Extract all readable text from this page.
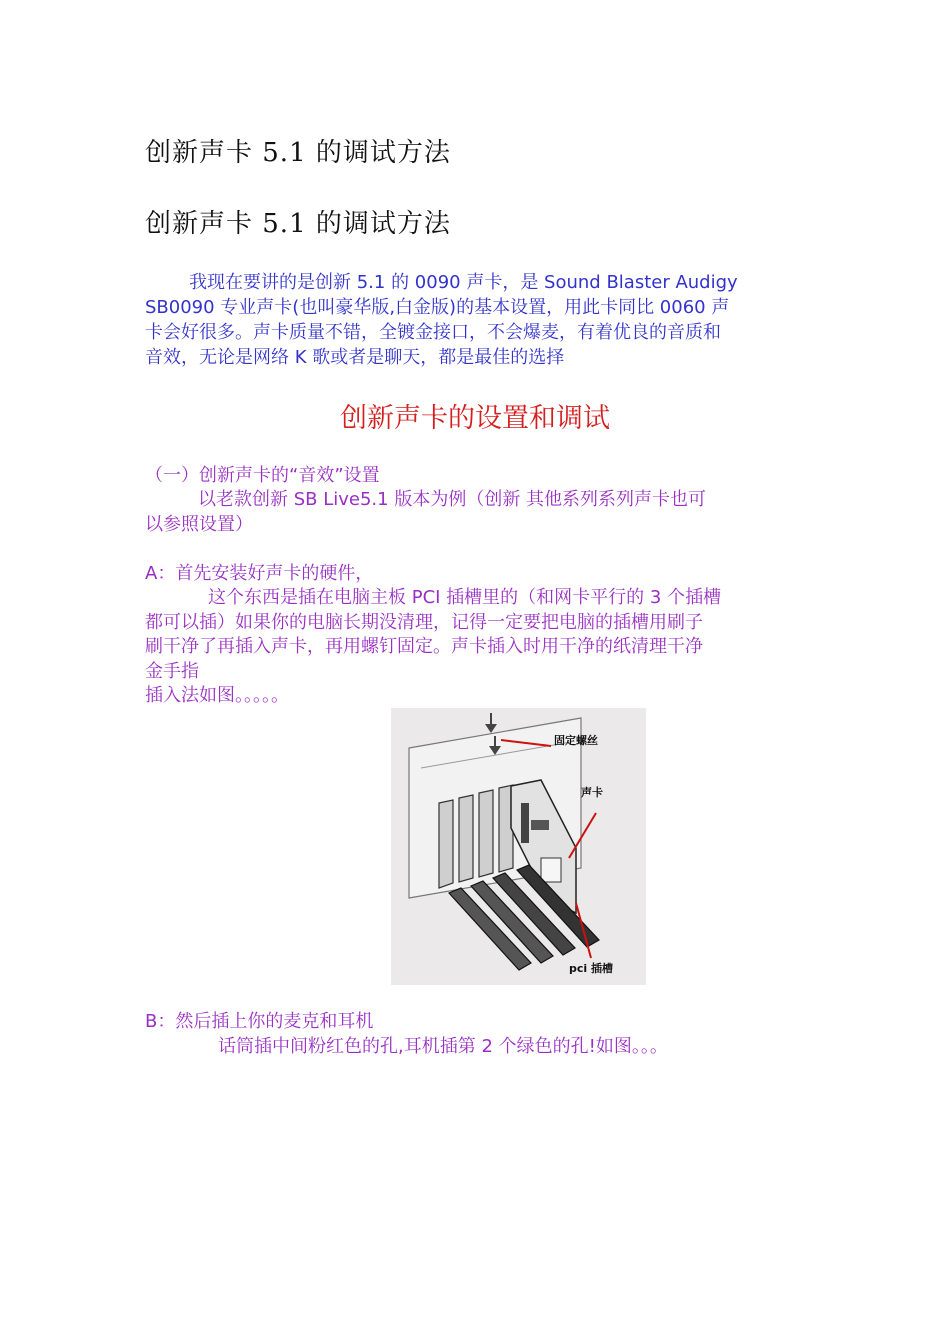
创新声卡 5.1 的调试方法
创新声卡 5.1 的调试方法
我现在要讲的是创新 5.1 的 0090 声卡，是 Sound Blaster Audigy
SB0090 专业声卡(也叫豪华版,白金版)的基本设置，用此卡同比 0060 声
卡会好很多。声卡质量不错，全镀金接口，不会爆麦，有着优良的音质和
音效，无论是网络 K 歌或者是聊天，都是最佳的选择
创新声卡的设置和调试
（一）创新声卡的“音效”设置
以老款创新 SB Live5.1 版本为例（创新 其他系列系列声卡也可
以参照设置）
A：首先安装好声卡的硬件，
这个东西是插在电脑主板 PCI 插槽里的（和网卡平行的 3 个插槽
都可以插）如果你的电脑长期没清理，记得一定要把电脑的插槽用刷子
刷干净了再插入声卡，再用螺钉固定。声卡插入时用干净的纸清理干净
金手指
插入法如图。。。。。
固定螺丝
声卡
pci 插槽
B：然后插上你的麦克和耳机
话筒插中间粉红色的孔,耳机插第 2 个绿色的孔!如图。。。
